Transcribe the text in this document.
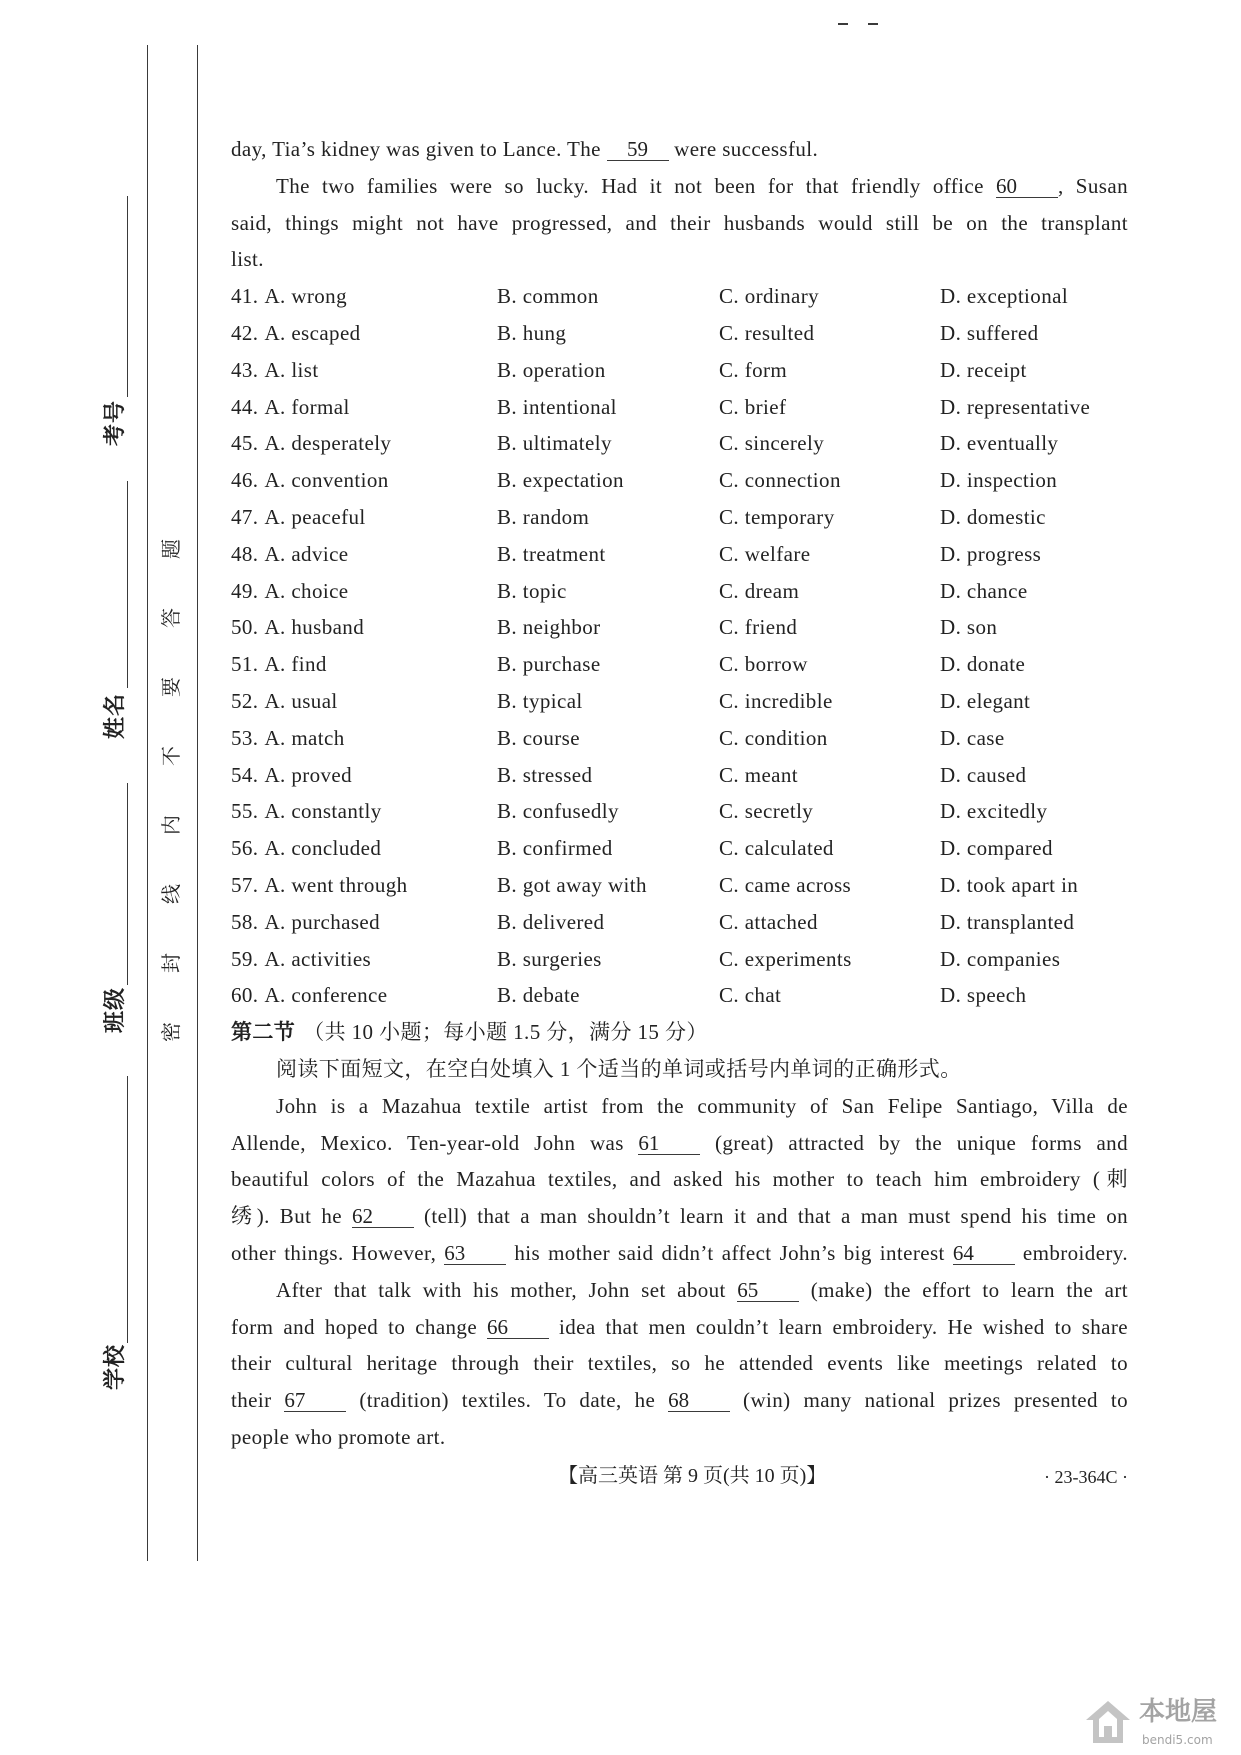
考号
姓名
班级
学校
密封线内不要答题
day, Tia’s kidney was given to Lance. The 59 were successful.
The two families were so lucky. Had it not been for that friendly office 60 , Susan
said, things might not have progressed, and their husbands would still be on the transplant
list.
41. A. wrong	B. common	C. ordinary	D. exceptional
42. A. escaped	B. hung	C. resulted	D. suffered
43. A. list	B. operation	C. form	D. receipt
44. A. formal	B. intentional	C. brief	D. representative
45. A. desperately	B. ultimately	C. sincerely	D. eventually
46. A. convention	B. expectation	C. connection	D. inspection
47. A. peaceful	B. random	C. temporary	D. domestic
48. A. advice	B. treatment	C. welfare	D. progress
49. A. choice	B. topic	C. dream	D. chance
50. A. husband	B. neighbor	C. friend	D. son
51. A. find	B. purchase	C. borrow	D. donate
52. A. usual	B. typical	C. incredible	D. elegant
53. A. match	B. course	C. condition	D. case
54. A. proved	B. stressed	C. meant	D. caused
55. A. constantly	B. confusedly	C. secretly	D. excitedly
56. A. concluded	B. confirmed	C. calculated	D. compared
57. A. went through	B. got away with	C. came across	D. took apart in
58. A. purchased	B. delivered	C. attached	D. transplanted
59. A. activities	B. surgeries	C. experiments	D. companies
60. A. conference	B. debate	C. chat	D. speech
第二节 （共 10 小题；每小题 1.5 分，满分 15 分）
阅读下面短文，在空白处填入 1 个适当的单词或括号内单词的正确形式。
John is a Mazahua textile artist from the community of San Felipe Santiago, Villa de
Allende, Mexico. Ten-year-old John was 61 (great) attracted by the unique forms and
beautiful colors of the Mazahua textiles, and asked his mother to teach him embroidery (刺
绣). But he 62 (tell) that a man shouldn’t learn it and that a man must spend his time on
other things. However, 63 his mother said didn’t affect John’s big interest 64 embroidery.
After that talk with his mother, John set about 65 (make) the effort to learn the art
form and hoped to change 66 idea that men couldn’t learn embroidery. He wished to share
their cultural heritage through their textiles, so he attended events like meetings related to
their 67 (tradition) textiles. To date, he 68 (win) many national prizes presented to
people who promote art.
【高三英语 第 9 页(共 10 页)】	· 23-364C ·
本地屋
bendi5.com
